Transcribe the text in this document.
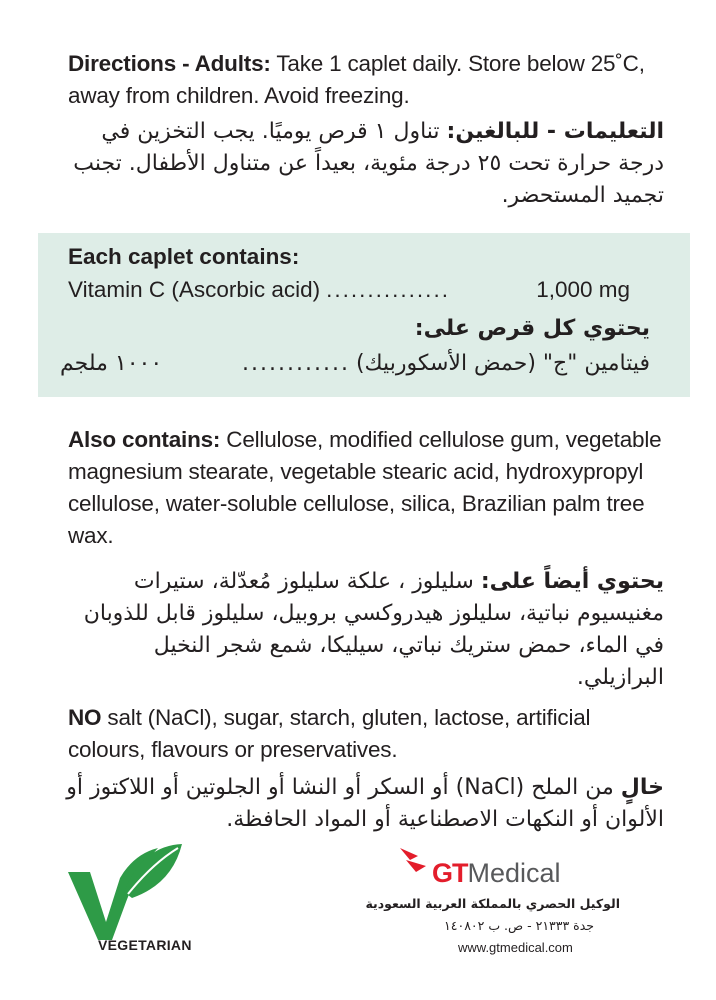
Directions - Adults: Take 1 caplet daily. Store below 25˚C, away from children. Avoid freezing.
التعليمات - للبالغين: تناول ١ قرص يوميًا. يجب التخزين في درجة حرارة تحت ٢٥ درجة مئوية، بعيداً عن متناول الأطفال. تجنب تجميد المستحضر.
Each caplet contains:
Vitamin C (Ascorbic acid) ...............	1,000 mg
يحتوي كل قرص على:
فيتامين "ج" (حمض الأسكوربيك)
............
١٠٠٠ ملجم
Also contains: Cellulose, modified cellulose gum, vegetable magnesium stearate, vegetable stearic acid, hydroxypropyl cellulose, water-soluble cellulose, silica, Brazilian palm tree wax.
يحتوي أيضاً على: سليلوز ، علكة سليلوز مُعدّلة، ستيرات مغنيسيوم نباتية، سليلوز هيدروكسي بروبيل، سليلوز قابل للذوبان في الماء، حمض ستريك نباتي، سيليكا، شمع شجر النخيل البرازيلي.
NO salt (NaCl), sugar, starch, gluten, lactose, artificial colours, flavours or preservatives.
خالٍ من الملح (NaCl) أو السكر أو النشا أو الجلوتين أو اللاكتوز أو الألوان أو النكهات الاصطناعية أو المواد الحافظة.
VEGETARIAN
GTMedical
الوكيل الحصري بالمملكة العربية السعودية
جدة ٢١٣٣٣ - ص. ب ١٤٠٨٠٢
www.gtmedical.com
